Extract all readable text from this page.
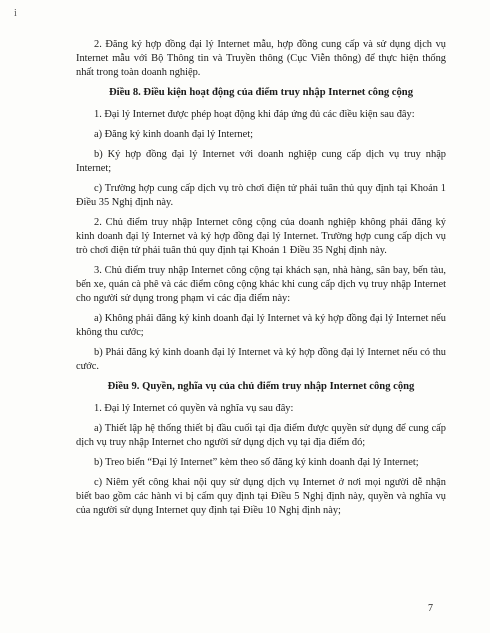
i

2. Đăng ký hợp đồng đại lý Internet mẫu, hợp đồng cung cấp và sử dụng dịch vụ Internet mẫu với Bộ Thông tin và Truyền thông (Cục Viễn thông) để thực hiện thống nhất trong toàn doanh nghiệp.

Điều 8. Điều kiện hoạt động của điểm truy nhập Internet công cộng

1. Đại lý Internet được phép hoạt động khi đáp ứng đủ các điều kiện sau đây:

a) Đăng ký kinh doanh đại lý Internet;

b) Ký hợp đồng đại lý Internet với doanh nghiệp cung cấp dịch vụ truy nhập Internet;

c) Trường hợp cung cấp dịch vụ trò chơi điện tử phải tuân thủ quy định tại Khoản 1 Điều 35 Nghị định này.

2. Chủ điểm truy nhập Internet công cộng của doanh nghiệp không phải đăng ký kinh doanh đại lý Internet và ký hợp đồng đại lý Internet. Trường hợp cung cấp dịch vụ trò chơi điện tử phải tuân thủ quy định tại Khoản 1 Điều 35 Nghị định này.

3. Chủ điểm truy nhập Internet công cộng tại khách sạn, nhà hàng, sân bay, bến tàu, bến xe, quán cà phê và các điểm công cộng khác khi cung cấp dịch vụ truy nhập Internet cho người sử dụng trong phạm vi các địa điểm này:

a) Không phải đăng ký kinh doanh đại lý Internet và ký hợp đồng đại lý Internet nếu không thu cước;

b) Phải đăng ký kinh doanh đại lý Internet và ký hợp đồng đại lý Internet nếu có thu cước.

Điều 9. Quyền, nghĩa vụ của chủ điểm truy nhập Internet công cộng

1. Đại lý Internet có quyền và nghĩa vụ sau đây:

a) Thiết lập hệ thống thiết bị đầu cuối tại địa điểm được quyền sử dụng để cung cấp dịch vụ truy nhập Internet cho người sử dụng dịch vụ tại địa điểm đó;

b) Treo biển “Đại lý Internet” kèm theo số đăng ký kinh doanh đại lý Internet;

c) Niêm yết công khai nội quy sử dụng dịch vụ Internet ở nơi mọi người dễ nhận biết bao gồm các hành vi bị cấm quy định tại Điều 5 Nghị định này, quyền và nghĩa vụ của người sử dụng Internet quy định tại Điều 10 Nghị định này;

7
